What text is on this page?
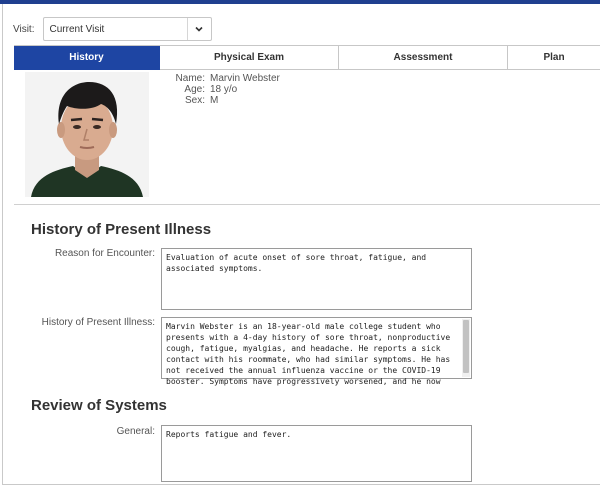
Visit:	Current Visit
History	Physical Exam	Assessment	Plan
Name: Marvin Webster
Age: 18 y/o
Sex: M
History of Present Illness
Reason for Encounter:	Evaluation of acute onset of sore throat, fatigue, and associated symptoms.
History of Present Illness:	Marvin Webster is an 18-year-old male college student who presents with a 4-day history of sore throat, nonproductive cough, fatigue, myalgias, and headache. He reports a sick contact with his roommate, who had similar symptoms. He has not received the annual influenza vaccine or the COVID-19 booster. Symptoms have progressively worsened, and he now
Review of Systems
General:	Reports fatigue and fever.
